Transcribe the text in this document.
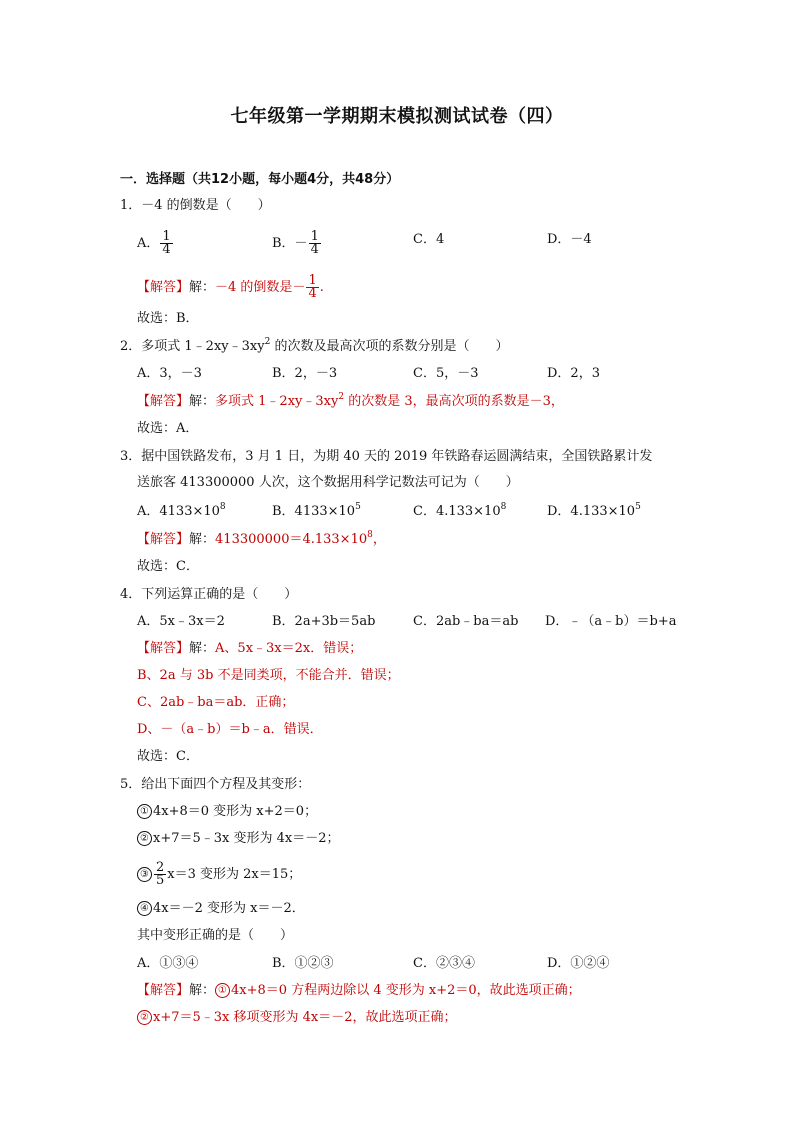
七年级第一学期期末模拟测试试卷（四）
一．选择题（共12小题，每小题4分，共48分）
1．－4 的倒数是（　　）
A． $\frac{1}{4}$	B．－ $\frac{1}{4}$	C．4	D．－4
【解答】解：－4 的倒数是－ $\frac{1}{4}$ .
故选：B．
2．多项式 $1﹣2xy﹣3xy^2$ 的次数及最高次项的系数分别是（　　）
A．3，－3	B．2，－3	C．5，－3	D．2，3
【解答】解：多项式 $1﹣2xy﹣3xy^2$ 的次数是 3，最高次项的系数是－3，
故选：A．
3．据中国铁路发布，3 月 1 日，为期 40 天的 2019 年铁路春运圆满结束，全国铁路累计发
送旅客 413300000 人次，这个数据用科学记数法可记为（　　）
A．$4133\times 10^8$	B．$4133\times 10^5$	C．$4.133\times 10^8$	D．$4.133\times 10^5$
【解答】解：$413300000=4.133\times 10^8$，
故选：C．
4．下列运算正确的是（　　）
A．5x﹣3x＝2	B．2a+3b＝5ab	C．2ab﹣ba＝ab D．﹣（a﹣b）＝b+a
【解答】解：A、5x﹣3x＝2x．错误；
B、2a 与 3b 不是同类项，不能合并．错误；
C、2ab﹣ba＝ab．正确；
D、－（a﹣b）＝b﹣a．错误．
故选：C．
5．给出下面四个方程及其变形：
① 4x+8＝0 变形为 x+2＝0；
② x+7＝5﹣3x 变形为 4x＝－2；
③ $\frac{2}{5} x=3$ 变形为 2x＝15；
④ 4x＝－2 变形为 x＝－2．
其中变形正确的是（　　）
A．①③④	B．①②③	C．②③④	D．①②④
【解答】解： ① 4x+8＝0 方程两边除以 4 变形为 x+2＝0，故此选项正确；
② x+7＝5﹣3x 移项变形为 4x＝－2，故此选项正确；
